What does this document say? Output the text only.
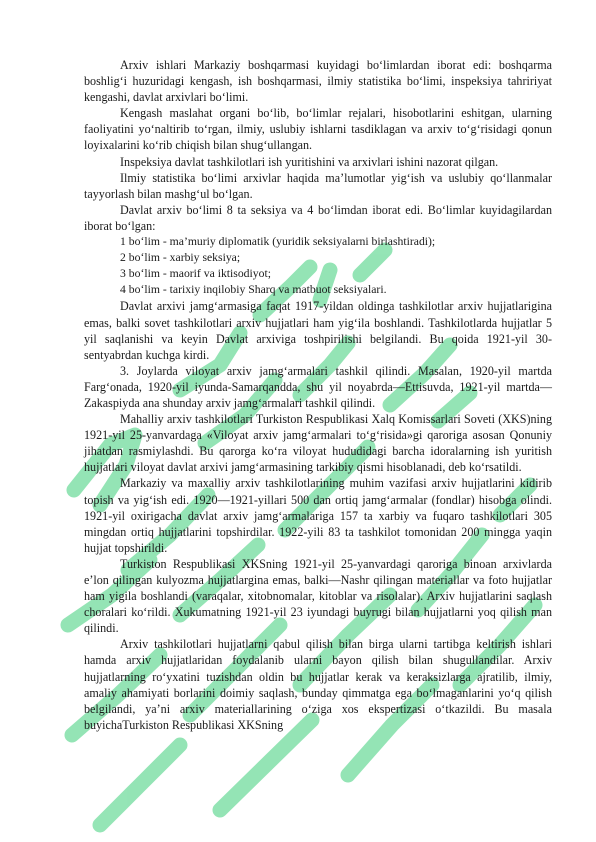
Arxiv ishlari Markaziy boshqarmasi kuyidagi bo‘limlardan iborat edi: boshqarma boshlig‘i huzuridagi kengash, ish boshqarmasi, ilmiy statistika bo‘limi, inspeksiya tahririyat kengashi, davlat arxivlari bo‘limi.

Kengash maslahat organi bo‘lib, bo‘limlar rejalari, hisobotlarini eshitgan, ularning faoliyatini yo‘naltirib to‘rgan, ilmiy, uslubiy ishlarni tasdiklagan va arxiv to‘g‘risidagi qonun loyixalarini ko‘rib chiqish bilan shug‘ullangan.

Inspeksiya davlat tashkilotlari ish yuritishini va arxivlari ishini nazorat qilgan.

Ilmiy statistika bo‘limi arxivlar haqida ma’lumotlar yig‘ish va uslubiy qo‘llanmalar tayyorlash bilan mashg‘ul bo‘lgan.

Davlat arxiv bo‘limi 8 ta seksiya va 4 bo‘limdan iborat edi. Bo‘limlar kuyidagilardan iborat bo‘lgan:

1 bo‘lim - ma’muriy diplomatik (yuridik seksiyalarni birlashtiradi);

2 bo‘lim - xarbiy seksiya;

3 bo‘lim - maorif va iktisodiyot;

4 bo‘lim - tarixiy inqilobiy Sharq va matbuot seksiyalari.

Davlat arxivi jamg‘armasiga faqat 1917-yildan oldinga tashkilotlar arxiv hujjatlarigina emas, balki sovet tashkilotlari arxiv hujjatlari ham yig‘ila boshlandi. Tashkilotlarda hujjatlar 5 yil saqlanishi va keyin Davlat arxiviga toshpirilishi belgilandi. Bu qoida 1921-yil 30-sentyabrdan kuchga kirdi.

3. Joylarda viloyat arxiv jamg‘armalari tashkil qilindi. Masalan, 1920-yil martda Farg‘onada, 1920-yil iyunda-Samarqandda, shu yil noyabrda—Ettisuvda, 1921-yil martda—Zakaspiyda ana shunday arxiv jamg‘armalari tashkil qilindi.

Mahalliy arxiv tashkilotlari Turkiston Respublikasi Xalq Komissarlari Soveti (XKS)ning 1921-yil 25-yanvardaga «Viloyat arxiv jamg‘armalari to‘g‘risida»gi qaroriga asosan Qonuniy jihatdan rasmiylashdi. Bu qarorga ko‘ra viloyat hududidagi barcha idoralarning ish yuritish hujjatlari viloyat davlat arxivi jamg‘armasining tarkibiy qismi hisoblanadi, deb ko‘rsatildi.

Markaziy va maxalliy arxiv tashkilotlarining muhim vazifasi arxiv hujjatlarini kidirib topish va yig‘ish edi. 1920—1921-yillari 500 dan ortiq jamg‘armalar (fondlar) hisobga olindi. 1921-yil oxirigacha davlat arxiv jamg‘armalariga 157 ta xarbiy va fuqaro tashkilotlari 305 mingdan ortiq hujjatlarini topshirdilar. 1922-yili 83 ta tashkilot tomonidan 200 mingga yaqin hujjat topshirildi.

Turkiston Respublikasi XKSning 1921-yil 25-yanvardagi qaroriga binoan arxivlarda e’lon qilingan kulyozma hujjatlargina emas, balki—Nashr qilingan materiallar va foto hujjatlar ham yigila boshlandi (varaqalar, xitobnomalar, kitoblar va risolalar). Arxiv hujjatlarini saqlash choralari ko‘rildi. Xukumatning 1921-yil 23 iyundagi buyrugi bilan hujjatlarni yoq qilish man qilindi.

Arxiv tashkilotlari hujjatlarni qabul qilish bilan birga ularni tartibga keltirish ishlari hamda arxiv hujjatlaridan foydalanib ularni bayon qilish bilan shugullandilar. Arxiv hujjatlarning ro‘yxatini tuzishdan oldin bu hujjatlar kerak va keraksizlarga ajratilib, ilmiy, amaliy ahamiyati borlarini doimiy saqlash, bunday qimmatga ega bo‘lmaganlarini yo‘q qilish belgilandi, ya’ni arxiv materiallarining o‘ziga xos ekspertizasi o‘tkazildi. Bu masala buyichaTurkiston Respublikasi XKSning
